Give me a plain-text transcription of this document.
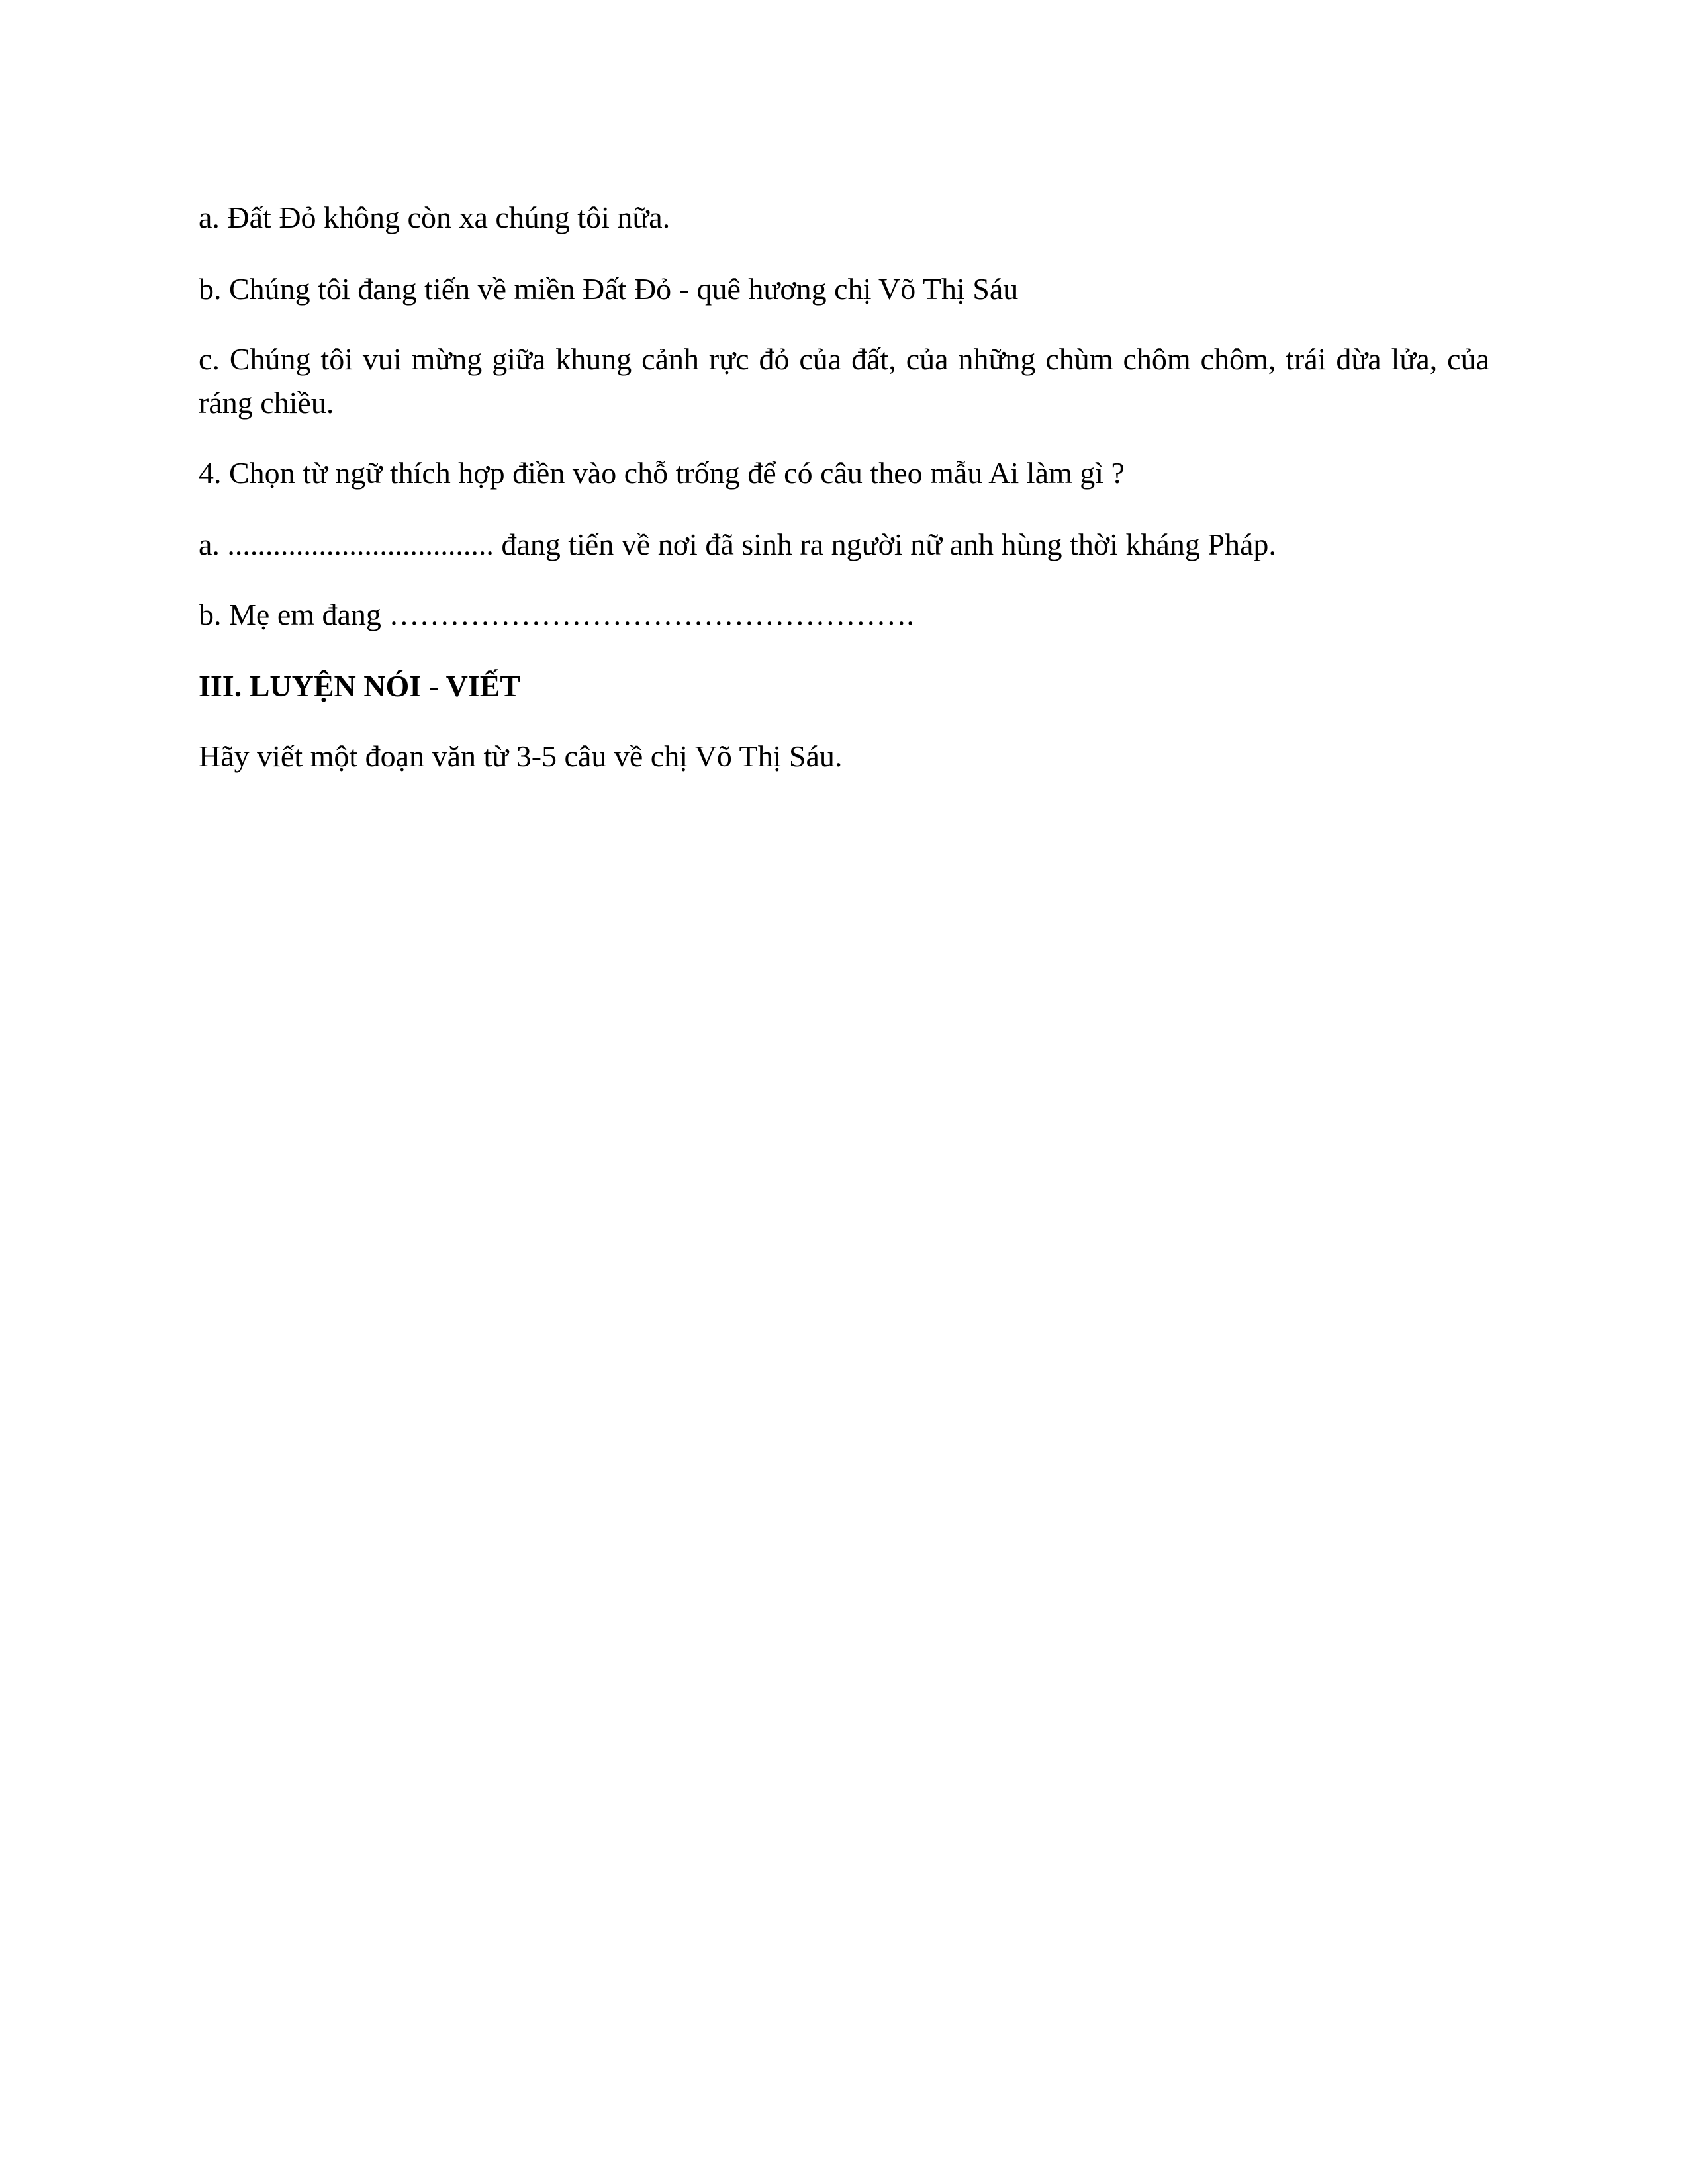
a. Đất Đỏ không còn xa chúng tôi nữa.
b. Chúng tôi đang tiến về miền Đất Đỏ - quê hương chị Võ Thị Sáu
c. Chúng tôi vui mừng giữa khung cảnh rực đỏ của đất, của những chùm chôm chôm, trái dừa lửa, của ráng chiều.
4. Chọn từ ngữ thích hợp điền vào chỗ trống để có câu theo mẫu Ai làm gì ?
a. ................................... đang tiến về nơi đã sinh ra người nữ anh hùng thời kháng Pháp.
b. Mẹ em đang …………………………………………….
III. LUYỆN NÓI - VIẾT
Hãy viết một đoạn văn từ 3-5 câu về chị Võ Thị Sáu.
